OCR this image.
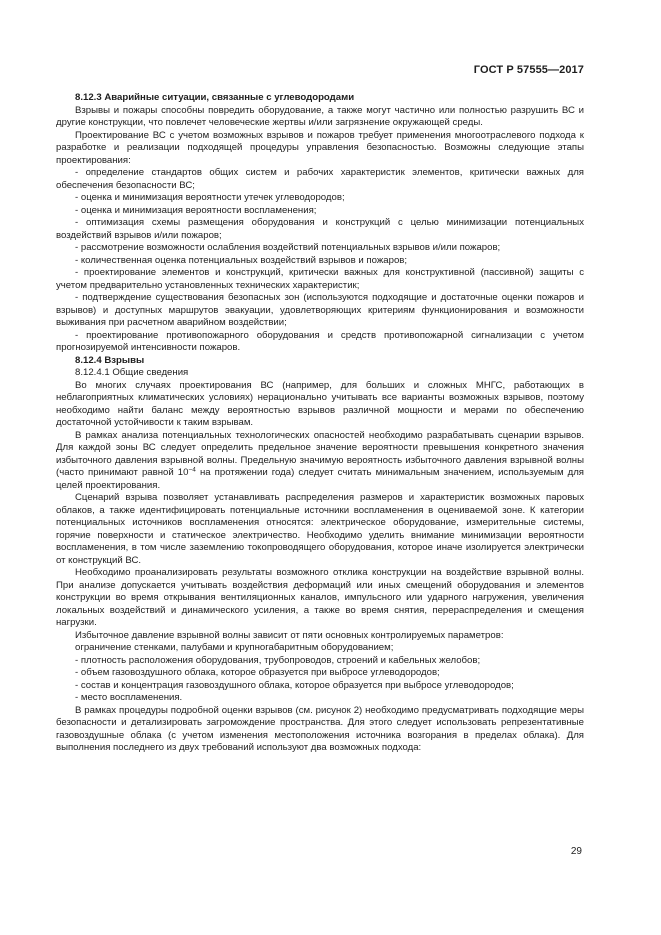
ГОСТ Р 57555—2017

8.12.3 Аварийные ситуации, связанные с углеводородами

Взрывы и пожары способны повредить оборудование, а также могут частично или полностью разрушить ВС и другие конструкции, что повлечет человеческие жертвы и/или загрязнение окружающей среды.

Проектирование ВС с учетом возможных взрывов и пожаров требует применения многоотраслевого подхода к разработке и реализации подходящей процедуры управления безопасностью. Возможны следующие этапы проектирования:

- определение стандартов общих систем и рабочих характеристик элементов, критически важных для обеспечения безопасности ВС;

- оценка и минимизация вероятности утечек углеводородов;

- оценка и минимизация вероятности воспламенения;

- оптимизация схемы размещения оборудования и конструкций с целью минимизации потенциальных воздействий взрывов и/или пожаров;

- рассмотрение возможности ослабления воздействий потенциальных взрывов и/или пожаров;

- количественная оценка потенциальных воздействий взрывов и пожаров;

- проектирование элементов и конструкций, критически важных для конструктивной (пассивной) защиты с учетом предварительно установленных технических характеристик;

- подтверждение существования безопасных зон (используются подходящие и достаточные оценки пожаров и взрывов) и доступных маршрутов эвакуации, удовлетворяющих критериям функционирования и возможности выживания при расчетном аварийном воздействии;

- проектирование противопожарного оборудования и средств противопожарной сигнализации с учетом прогнозируемой интенсивности пожаров.

8.12.4 Взрывы

8.12.4.1 Общие сведения

Во многих случаях проектирования ВС (например, для больших и сложных МНГС, работающих в неблагоприятных климатических условиях) нерационально учитывать все варианты возможных взрывов, поэтому необходимо найти баланс между вероятностью взрывов различной мощности и мерами по обеспечению достаточной устойчивости к таким взрывам.

В рамках анализа потенциальных технологических опасностей необходимо разрабатывать сценарии взрывов. Для каждой зоны ВС следует определить предельное значение вероятности превышения конкретного значения избыточного давления взрывной волны. Предельную значимую вероятность избыточного давления взрывной волны (часто принимают равной $10^{-4}$ на протяжении года) следует считать минимальным значением, используемым для целей проектирования.

Сценарий взрыва позволяет устанавливать распределения размеров и характеристик возможных паровых облаков, а также идентифицировать потенциальные источники воспламенения в оцениваемой зоне. К категории потенциальных источников воспламенения относятся: электрическое оборудование, измерительные системы, горячие поверхности и статическое электричество. Необходимо уделить внимание минимизации вероятности воспламенения, в том числе заземлению токопроводящего оборудования, которое иначе изолируется электрически от конструкций ВС.

Необходимо проанализировать результаты возможного отклика конструкции на воздействие взрывной волны. При анализе допускается учитывать воздействия деформаций или иных смещений оборудования и элементов конструкции во время открывания вентиляционных каналов, импульсного или ударного нагружения, увеличения локальных воздействий и динамического усиления, а также во время снятия, перераспределения и смещения нагрузки.

Избыточное давление взрывной волны зависит от пяти основных контролируемых параметров:

ограничение стенками, палубами и крупногабаритным оборудованием;

- плотность расположения оборудования, трубопроводов, строений и кабельных желобов;

- объем газовоздушного облака, которое образуется при выбросе углеводородов;

- состав и концентрация газовоздушного облака, которое образуется при выбросе углеводородов;

- место воспламенения.

В рамках процедуры подробной оценки взрывов (см. рисунок 2) необходимо предусматривать подходящие меры безопасности и детализировать загромождение пространства. Для этого следует использовать репрезентативные газовоздушные облака (с учетом изменения местоположения источника возгорания в пределах облака). Для выполнения последнего из двух требований используют два возможных подхода:

29
